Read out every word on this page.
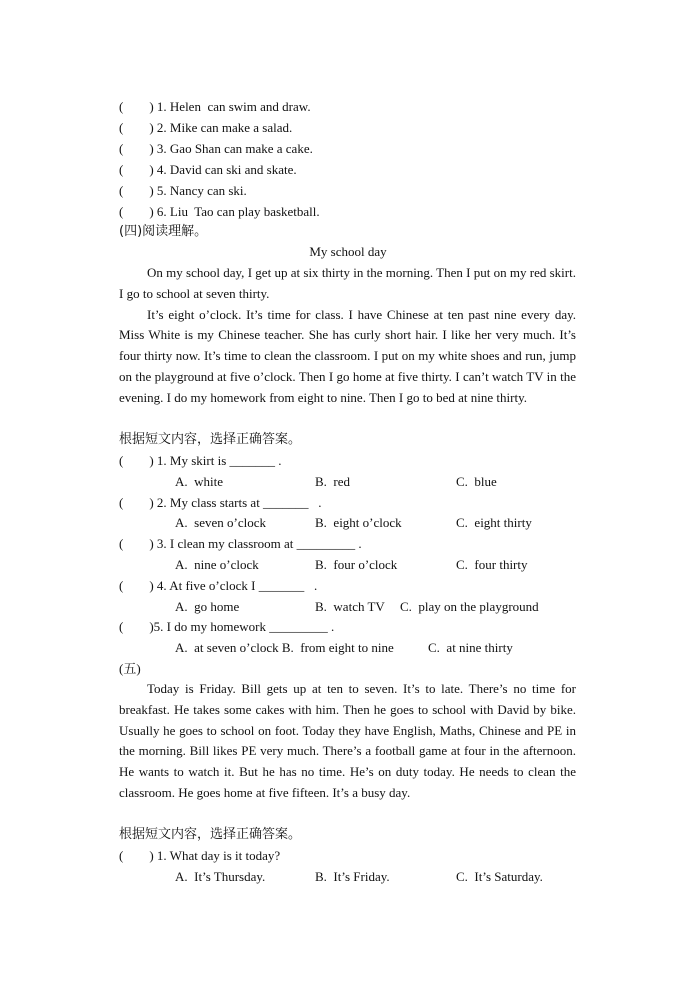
(        ) 1. Helen  can swim and draw.
(        ) 2. Mike can make a salad.
(        ) 3. Gao Shan can make a cake.
(        ) 4. David can ski and skate.
(        ) 5. Nancy can ski.
(        ) 6. Liu  Tao can play basketball.
(四)阅读理解。
My school day

On my school day, I get up at six thirty in the morning. Then I put on my red skirt. I go to school at seven thirty.

It’s eight o’clock. It’s time for class. I have Chinese at ten past nine every day. Miss White is my Chinese teacher. She has curly short hair. I like her very much. It’s four thirty now. It’s time to clean the classroom. I put on my white shoes and run, jump on the playground at five o’clock. Then I go home at five thirty. I can’t watch TV in the evening. I do my homework from eight to nine. Then I go to bed at nine thirty.

根据短文内容，选择正确答案。
(        ) 1. My skirt is _______ .
A.  white	B.  red	C.  blue
(        ) 2. My class starts at _______   .
A.  seven o’clock	B.  eight o’clock	C.  eight thirty
(        ) 3. I clean my classroom at _________ .
A.  nine o’clock	B.  four o’clock	C.  four thirty
(        ) 4. At five o’clock I _______   .
A.  go home	B.  watch TV C.  play on the playground
(        )5. I do my homework _________ .
A.  at seven o’clock B.  from eight to nine	C.  at nine thirty
(五)

Today is Friday. Bill gets up at ten to seven. It’s to late. There’s no time for breakfast. He takes some cakes with him. Then he goes to school with David by bike. Usually he goes to school on foot. Today they have English, Maths, Chinese and PE in the morning. Bill likes PE very much. There’s a football game at four in the afternoon. He wants to watch it. But he has no time. He’s on duty today. He needs to clean the classroom. He goes home at five fifteen. It’s a busy day.

根据短文内容，选择正确答案。
(        ) 1. What day is it today?
A.  It’s Thursday.	B.  It’s Friday.	C.  It’s Saturday.
